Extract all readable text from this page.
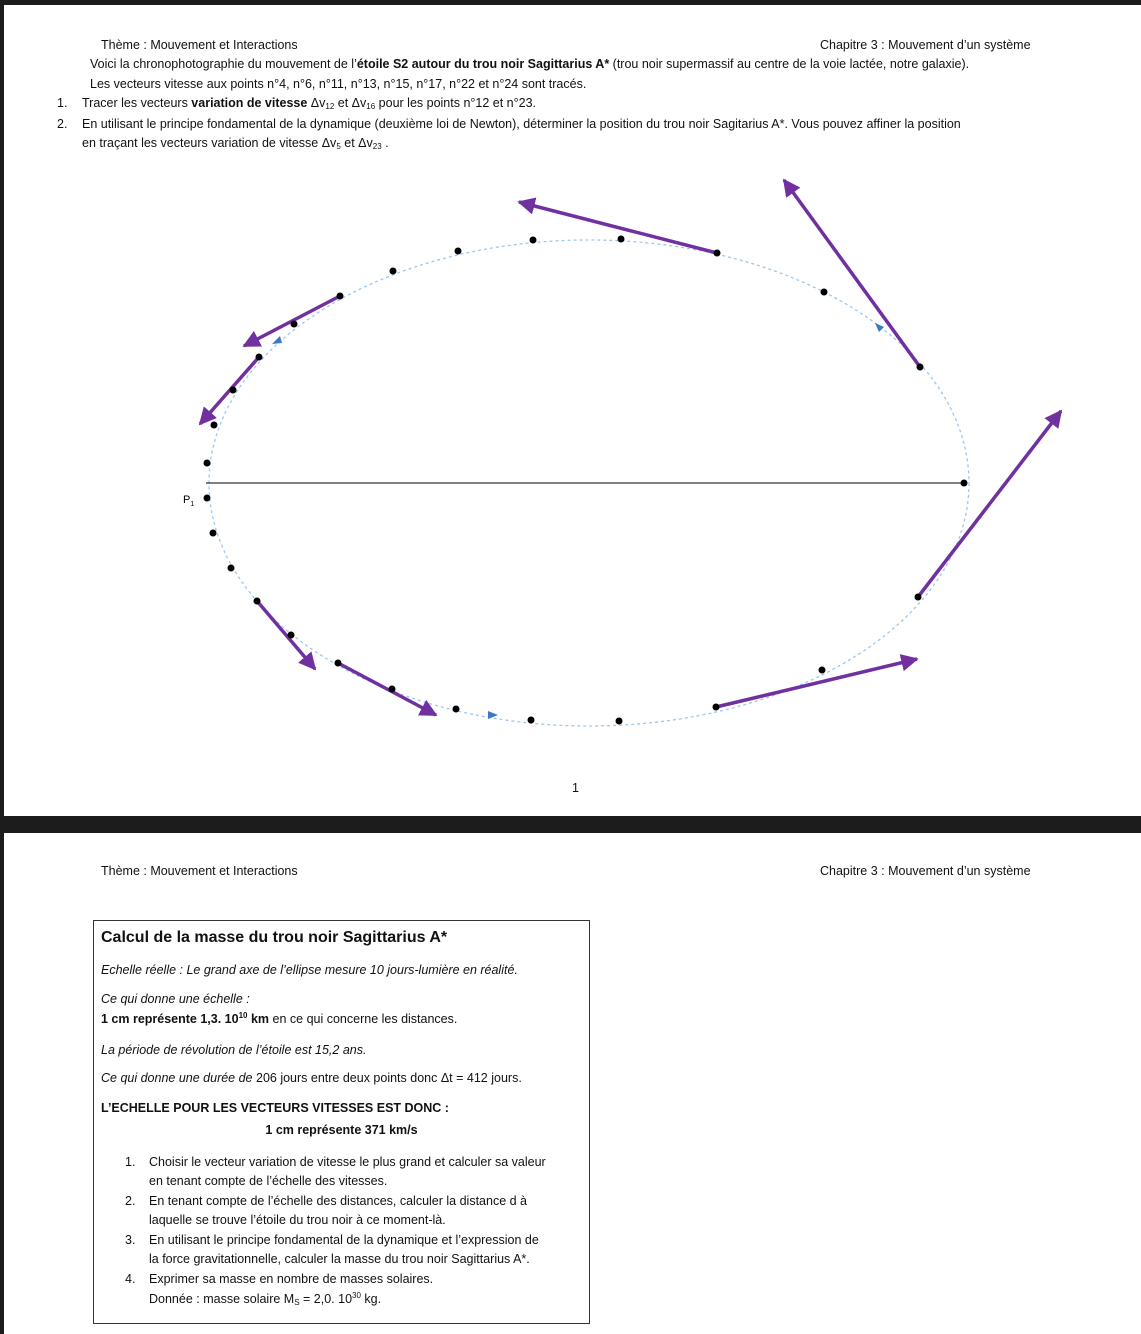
Thème : Mouvement et Interactions	Chapitre 3 : Mouvement d’un système
Voici la chronophotographie du mouvement de l’étoile S2 autour du trou noir Sagittarius A* (trou noir supermassif au centre de la voie lactée, notre galaxie).
Les vecteurs vitesse aux points n°4, n°6, n°11, n°13, n°15, n°17, n°22 et n°24 sont tracés.
1. Tracer les vecteurs variation de vitesse $\Delta v_{12}$ et $\Delta v_{16}$ pour les points n°12 et n°23.
2. En utilisant le principe fondamental de la dynamique (deuxième loi de Newton), déterminer la position du trou noir Sagitarius A*. Vous pouvez affiner la position
en traçant les vecteurs variation de vitesse $\Delta v_5$ et $\Delta v_{23}$ .
$P_1$
1
Thème : Mouvement et Interactions	Chapitre 3 : Mouvement d’un système
Calcul de la masse du trou noir Sagittarius A*
Echelle réelle : Le grand axe de l’ellipse mesure 10 jours-lumière en réalité.
Ce qui donne une échelle :
1 cm représente 1,3. $10^{10}$ km en ce qui concerne les distances.
La période de révolution de l’étoile est 15,2 ans.
Ce qui donne une durée de 206 jours entre deux points donc Δt = 412 jours.
L’ECHELLE POUR LES VECTEURS VITESSES EST DONC :
1 cm représente 371 km/s
1. Choisir le vecteur variation de vitesse le plus grand et calculer sa valeur
en tenant compte de l’échelle des vitesses.
2. En tenant compte de l’échelle des distances, calculer la distance d à
laquelle se trouve l’étoile du trou noir à ce moment-là.
3. En utilisant le principe fondamental de la dynamique et l’expression de
la force gravitationnelle, calculer la masse du trou noir Sagittarius A*.
4. Exprimer sa masse en nombre de masses solaires.
Donnée : masse solaire $M_S = 2,0$. $10^{30}$ kg.
